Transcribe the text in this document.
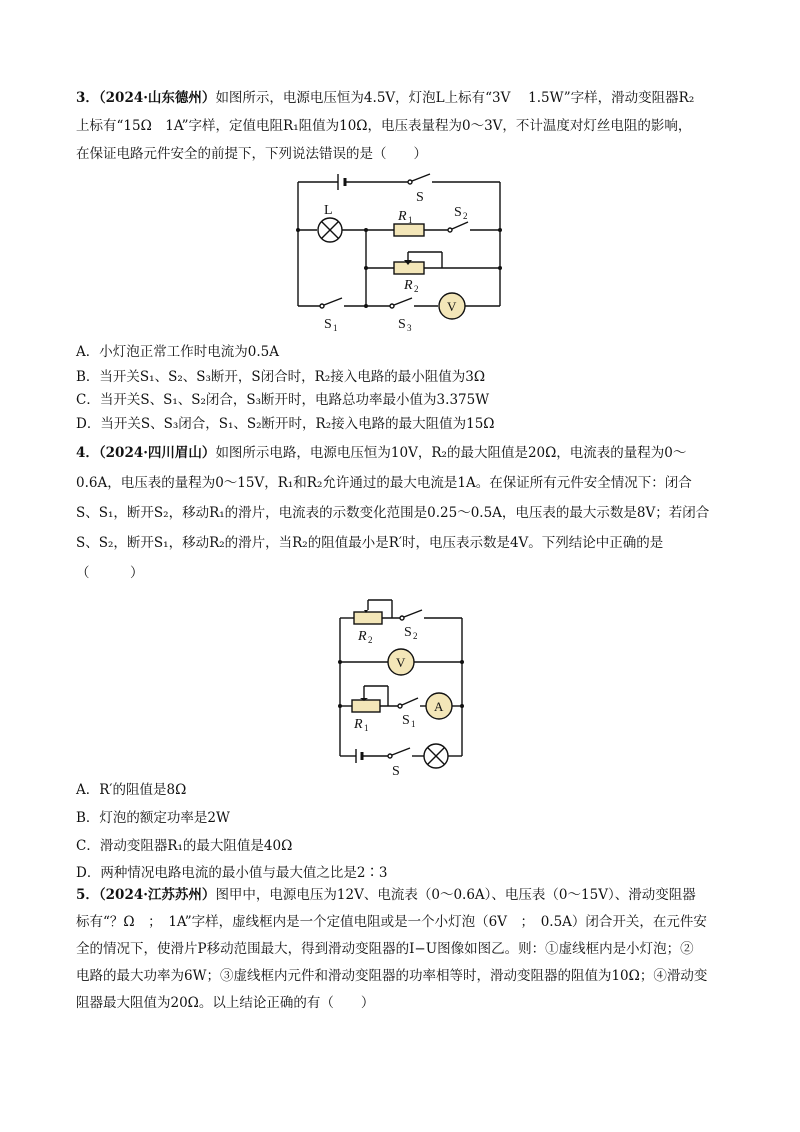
3．（2024·山东德州）如图所示，电源电压恒为4.5V，灯泡L上标有“3V　 1.5W”字样，滑动变阻器R₂
上标有“15Ω　1A”字样，定值电阻R₁阻值为10Ω，电压表量程为0～3V，不计温度对灯丝电阻的影响，
在保证电路元件安全的前提下，下列说法错误的是（　　）
S
L	R 1	S 2
R 2
S 1	S 3
V
A．小灯泡正常工作时电流为0.5A
B．当开关S₁、S₂、S₃断开，S闭合时，R₂接入电路的最小阻值为3Ω
C．当开关S、S₁、S₂闭合，S₃断开时，电路总功率最小值为3.375W
D．当开关S、S₃闭合，S₁、S₂断开时，R₂接入电路的最大阻值为15Ω
4．（2024·四川眉山）如图所示电路，电源电压恒为10V，R₂的最大阻值是20Ω，电流表的量程为0～
0.6A，电压表的量程为0～15V，R₁和R₂允许通过的最大电流是1A。在保证所有元件安全情况下：闭合
S、S₁，断开S₂，移动R₁的滑片，电流表的示数变化范围是0.25～0.5A，电压表的最大示数是8V；若闭合
S、S₂，断开S₁，移动R₂的滑片，当R₂的阻值最小是R′时，电压表示数是4V。下列结论中正确的是
（　　　）
R 2 S 2
V
R 1 S 1
A
S
A．R′的阻值是8Ω
B．灯泡的额定功率是2W
C．滑动变阻器R₁的最大阻值是40Ω
D．两种情况电路电流的最小值与最大值之比是2∶3
5．（2024·江苏苏州）图甲中，电源电压为12V、电流表（0～0.6A）、电压表（0～15V）、滑动变阻器
标有“？Ω　；　1A”字样，虚线框内是一个定值电阻或是一个小灯泡（6V　；　0.5A）闭合开关，在元件安
全的情况下，使滑片P移动范围最大，得到滑动变阻器的I−U图像如图乙。则：①虚线框内是小灯泡；②
电路的最大功率为6W；③虚线框内元件和滑动变阻器的功率相等时，滑动变阻器的阻值为10Ω；④滑动变
阻器最大阻值为20Ω。以上结论正确的有（　　）
